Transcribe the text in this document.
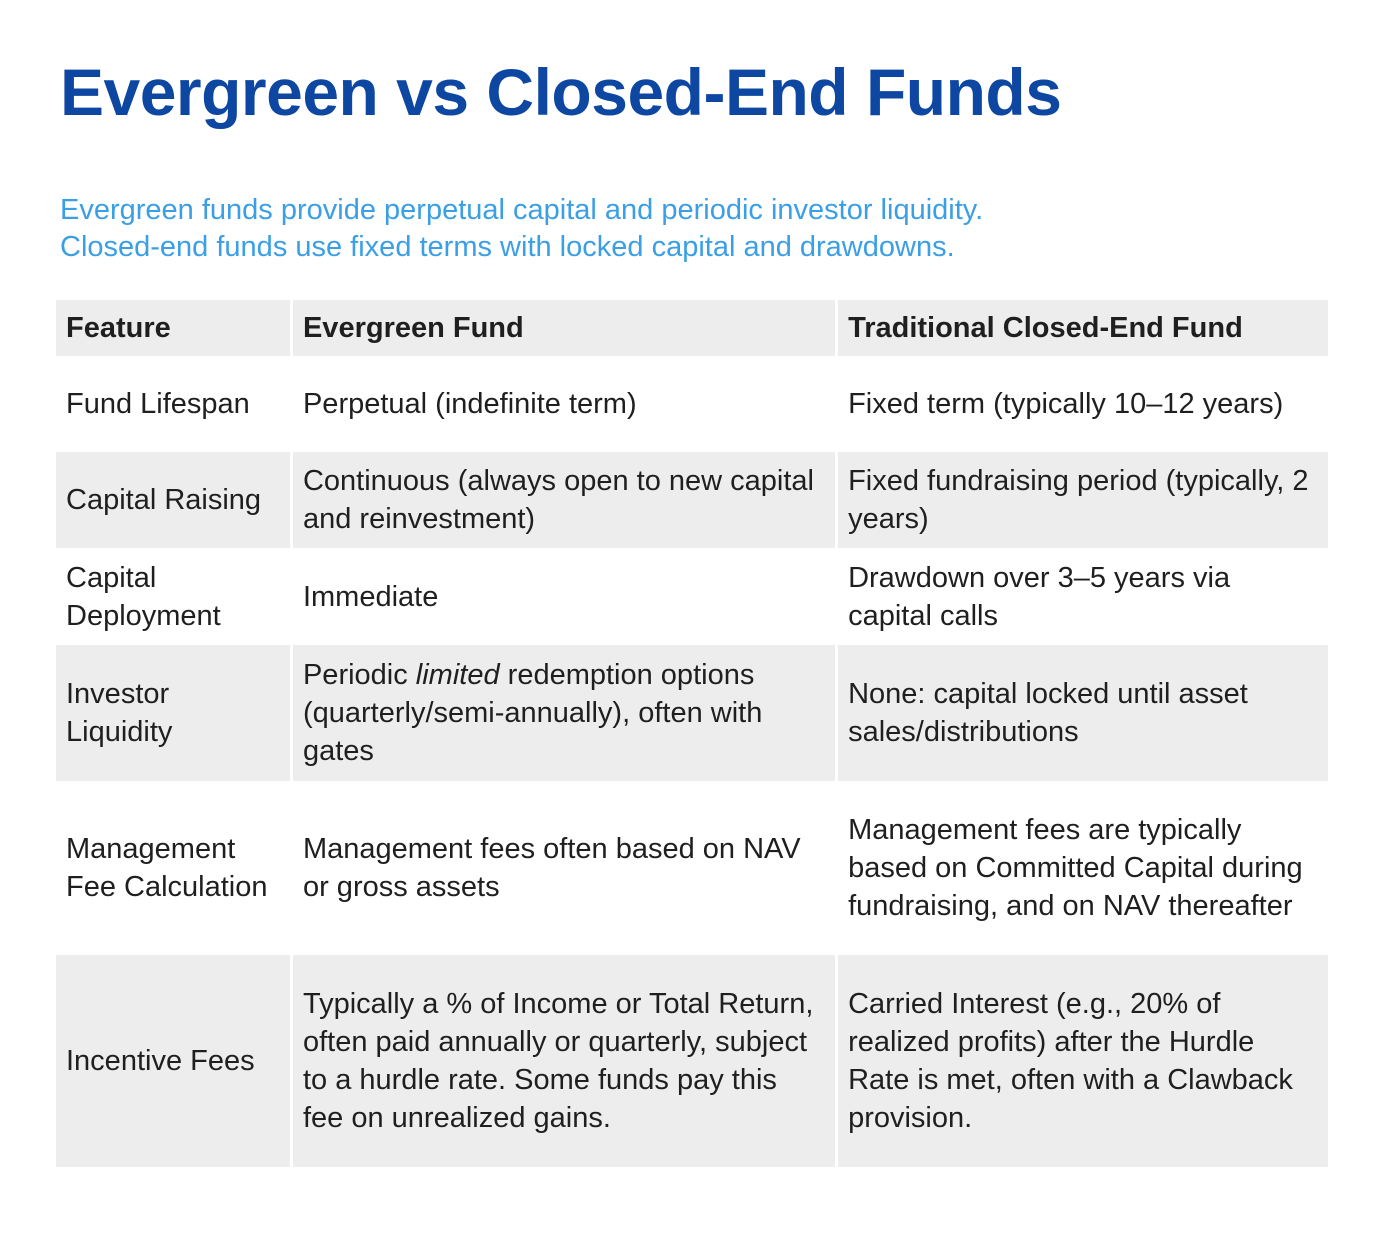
Evergreen vs Closed-End Funds
Evergreen funds provide perpetual capital and periodic investor liquidity.
Closed-end funds use fixed terms with locked capital and drawdowns.
Feature	Evergreen Fund	Traditional Closed-End Fund
Fund Lifespan	Perpetual (indefinite term)	Fixed term (typically 10–12 years)
Capital Raising	Continuous (always open to new capital and reinvestment)	Fixed fundraising period (typically, 2 years)
Capital Deployment	Immediate	Drawdown over 3–5 years via capital calls
Investor Liquidity	Periodic limited redemption options (quarterly/semi-annually), often with gates	None: capital locked until asset sales/distributions
Management Fee Calculation	Management fees often based on NAV or gross assets	Management fees are typically based on Committed Capital during fundraising, and on NAV thereafter
Incentive Fees	Typically a % of Income or Total Return, often paid annually or quarterly, subject to a hurdle rate. Some funds pay this fee on unrealized gains.	Carried Interest (e.g., 20% of realized profits) after the Hurdle Rate is met, often with a Clawback provision.
